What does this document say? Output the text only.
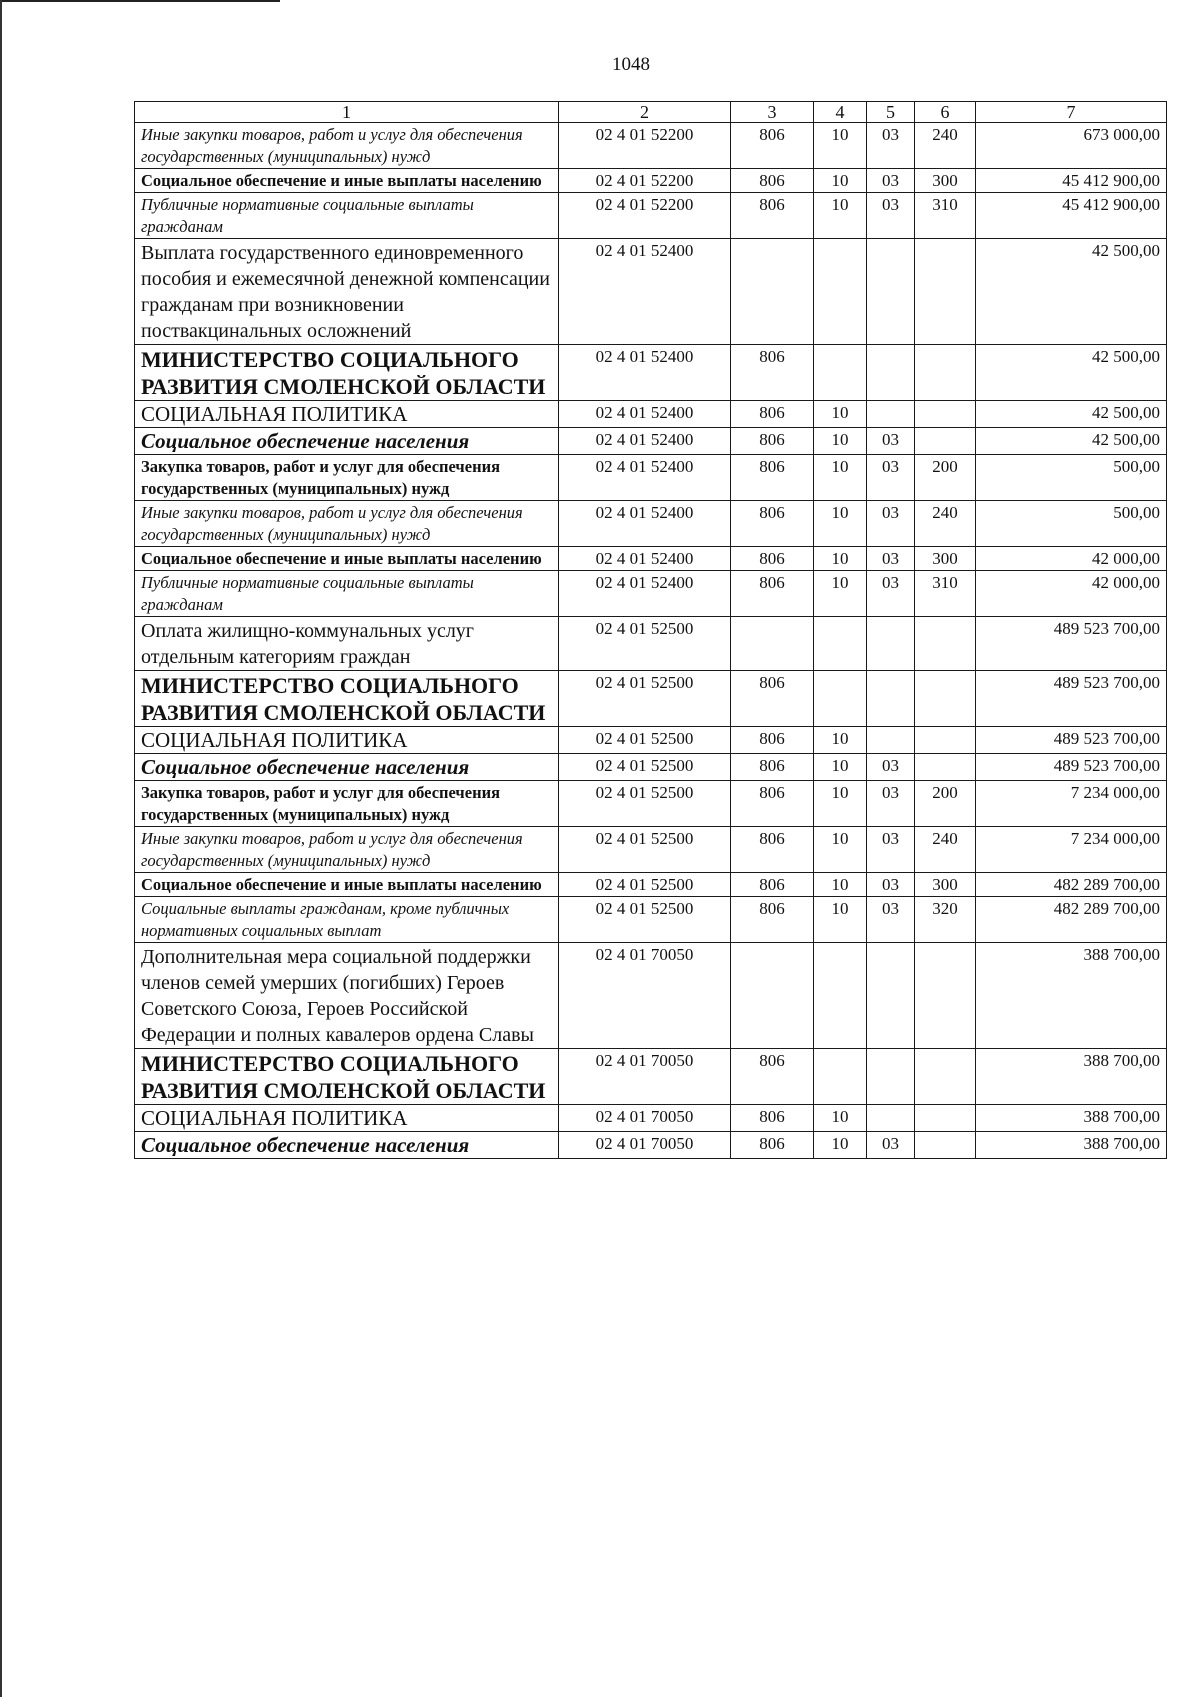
1048
1	2	3	4	5	6	7
Иные закупки товаров, работ и услуг для обеспечения государственных (муниципальных) нужд	02 4 01 52200	806	10	03	240	673 000,00
Социальное обеспечение и иные выплаты населению	02 4 01 52200	806	10	03	300	45 412 900,00
Публичные нормативные социальные выплаты гражданам	02 4 01 52200	806	10	03	310	45 412 900,00
Выплата государственного единовременного пособия и ежемесячной денежной компенсации гражданам при возникновении поствакцинальных осложнений	02 4 01 52400					42 500,00
МИНИСТЕРСТВО СОЦИАЛЬНОГО РАЗВИТИЯ СМОЛЕНСКОЙ ОБЛАСТИ	02 4 01 52400	806				42 500,00
СОЦИАЛЬНАЯ ПОЛИТИКА	02 4 01 52400	806	10			42 500,00
Социальное обеспечение населения	02 4 01 52400	806	10	03		42 500,00
Закупка товаров, работ и услуг для обеспечения государственных (муниципальных) нужд	02 4 01 52400	806	10	03	200	500,00
Иные закупки товаров, работ и услуг для обеспечения государственных (муниципальных) нужд	02 4 01 52400	806	10	03	240	500,00
Социальное обеспечение и иные выплаты населению	02 4 01 52400	806	10	03	300	42 000,00
Публичные нормативные социальные выплаты гражданам	02 4 01 52400	806	10	03	310	42 000,00
Оплата жилищно-коммунальных услуг отдельным категориям граждан	02 4 01 52500					489 523 700,00
МИНИСТЕРСТВО СОЦИАЛЬНОГО РАЗВИТИЯ СМОЛЕНСКОЙ ОБЛАСТИ	02 4 01 52500	806				489 523 700,00
СОЦИАЛЬНАЯ ПОЛИТИКА	02 4 01 52500	806	10			489 523 700,00
Социальное обеспечение населения	02 4 01 52500	806	10	03		489 523 700,00
Закупка товаров, работ и услуг для обеспечения государственных (муниципальных) нужд	02 4 01 52500	806	10	03	200	7 234 000,00
Иные закупки товаров, работ и услуг для обеспечения государственных (муниципальных) нужд	02 4 01 52500	806	10	03	240	7 234 000,00
Социальное обеспечение и иные выплаты населению	02 4 01 52500	806	10	03	300	482 289 700,00
Социальные выплаты гражданам, кроме публичных нормативных социальных выплат	02 4 01 52500	806	10	03	320	482 289 700,00
Дополнительная мера социальной поддержки членов семей умерших (погибших) Героев Советского Союза, Героев Российской Федерации и полных кавалеров ордена Славы	02 4 01 70050					388 700,00
МИНИСТЕРСТВО СОЦИАЛЬНОГО РАЗВИТИЯ СМОЛЕНСКОЙ ОБЛАСТИ	02 4 01 70050	806				388 700,00
СОЦИАЛЬНАЯ ПОЛИТИКА	02 4 01 70050	806	10			388 700,00
Социальное обеспечение населения	02 4 01 70050	806	10	03		388 700,00
